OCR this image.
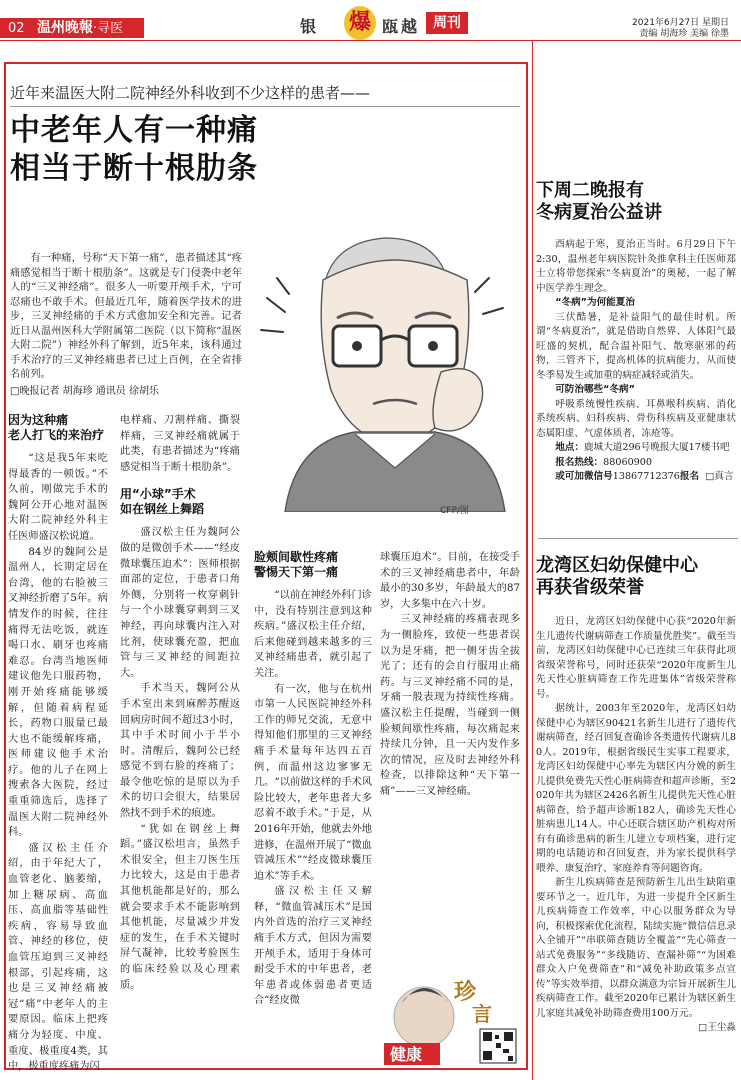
02 温州晚報·寻医	银 爆 瓯越 周刊	2021年6月27日 星期日
责编 胡海珍 美编 徐墨
近年来温医大附二院神经外科收到不少这样的患者——
中老年人有一种痛
相当于断十根肋条
有一种痛，号称“天下第一痛”，患者描述其“疼痛感觉相当于断十根肋条”。这就是专门侵袭中老年人的“三叉神经痛”。很多人一听要开颅手术，宁可忍痛也不敢手术。但最近几年，随着医学技术的进步，三叉神经痛的手术方式愈加安全和完善。记者近日从温州医科大学附属第二医院（以下简称“温医大附二院”）神经外科了解到，近5年来，该科通过手术治疗的三叉神经痛患者已过上百例，在全省排名前列。
□晚报记者 胡海珍 通讯员 徐胡乐
CFP/图
因为这种痛
老人打飞的来治疗

“这是我5年来吃得最香的一顿饭。”不久前，刚做完手术的魏阿公开心地对温医大附二院神经外科主任医师盛汉松说道。

84岁的魏阿公是温州人，长期定居在台湾，他的右脸被三叉神经折磨了5年。病情发作的时候，往往痛得无法吃饭，就连喝口水、刷牙也疼痛难忍。台湾当地医师建议他先口服药物，刚开始疼痛能够缓解，但随着病程延长，药物口服量已最大也不能缓解疼痛，医师建议他手术治疗。他的儿子在网上搜索各大医院，经过重重筛选后，选择了温医大附二院神经外科。

盛汉松主任介绍，由于年纪大了，血管老化、脑萎缩，加上糖尿病、高血压、高血脂等基础性疾病，容易导致血管、神经的移位，使血管压迫到三叉神经根部，引起疼痛，这也是三叉神经痛被冠“痛”中老年人的主要原因。临床上把疼痛分为轻度、中度、重度、极重度4类，其中，极重度疼痛为闪

电样痛、刀割样痛、撕裂样痛，三叉神经痛就属于此类，有患者描述为“疼痛感觉相当于断十根肋条”。

用“小球”手术
如在钢丝上舞蹈

盛汉松主任为魏阿公做的是微创手术——“经皮微球囊压迫术”：医师根据面部的定位，于患者口角外侧，分别将一枚穿刺针与一个小球囊穿刺到三叉神经，再向球囊内注入对比剂，使球囊充盈，把血管与三叉神经的间距拉大。

手术当天，魏阿公从手术室出来到麻醉苏醒返回病房时间不超过3小时，其中手术时间小于半小时。清醒后，魏阿公已经感觉不到右脸的疼痛了；最令他吃惊的是原以为手术的切口会很大，结果居然找不到手术的痕迹。

“犹如在钢丝上舞蹈。”盛汉松坦言，虽然手术很安全，但主刀医生压力比较大，这是由于患者其他机能都是好的，那么就会要求手术不能影响到其他机能，尽量减少并发症的发生，在手术关键时屏气凝神，比较考验医生的临床经验以及心理素质。

脸颊间歇性疼痛
警惕天下第一痛

“以前在神经外科门诊中，没有特别注意到这种疾病。”盛汉松主任介绍，后来他碰到越来越多的三叉神经痛患者，就引起了关注。

有一次，他与在杭州市第一人民医院神经外科工作的师兄交流，无意中得知他们那里的三叉神经痛手术量每年达四五百例，而温州这边寥寥无几。“以前做这样的手术风险比较大，老年患者大多忍着不敢手术。”于是，从2016年开始，他就去外地进修，在温州开展了“微血管减压术”“经皮微球囊压迫术”等手术。

盛汉松主任又解释，“微血管减压术”是国内外首选的治疗三叉神经痛手术方式，但因为需要开颅手术，适用于身体可耐受手术的中年患者，老年患者或体弱患者更适合“经皮微

球囊压迫术”。目前，在接受手术的三叉神经痛患者中，年龄最小的30多岁，年龄最大的87岁，大多集中在六十岁。

三叉神经痛的疼痛表现多为一侧脸疼，致使一些患者误以为是牙痛，把一侧牙齿全拔光了；还有的会自行服用止痛药。与三叉神经痛不同的是，牙痛一般表现为持续性疼痛。盛汉松主任提醒，当碰到一侧脸颊间歇性疼痛，每次痛起来持续几分钟，且一天内发作多次的情况，应及时去神经外科检查，以排除这种“天下第一痛”——三叉神经痛。

健康
珍
言
下周二晚报有
冬病夏治公益讲
酉病起于寒，夏治正当时。6月29日下午2:30，温州老年病医院针灸推拿科主任医师郑士立将带您探索“冬病夏治”的奥秘，一起了解中医学养生理念。
“冬病”为何能夏治
三伏酷暑，是补益阳气的最佳时机。所谓“冬病夏治”，就是借助自然界、人体阳气最旺盛的契机，配合温补阳气、散寒驱邪的药物，三管齐下，提高机体的抗病能力，从而使冬季易发生或加重的病症减轻或消失。
可防治哪些“冬病”
呼吸系统慢性疾病、耳鼻喉科疾病、消化系统疾病、妇科疾病、骨伤科疾病及亚健康状态属阳虚、气虚体质者，冻疮等。
地点：鹿城大道296号晚报大厦17楼书吧
报名热线：88060900
或可加微信号13867712376报名 □真言
龙湾区妇幼保健中心
再获省级荣誉
近日，龙湾区妇幼保健中心获“2020年新生儿遗传代谢病筛查工作质量优胜奖”。截至当前，龙湾区妇幼保健中心已连续三年获得此项省级荣誉称号，同时还获荣“2020年度新生儿先天性心脏病筛查工作先进集体”省级荣誉称号。
据统计，2003年至2020年，龙湾区妇幼保健中心为辖区90421名新生儿进行了遗传代谢病筛查，经召回复查确诊各类遗传代谢病儿80人。2019年，根据省级民生实事工程要求，龙湾区妇幼保健中心率先为辖区内分娩的新生儿提供免费先天性心脏病筛查和超声诊断，至2020年共为辖区2426名新生儿提供先天性心脏病筛查，给予超声诊断182人，确诊先天性心脏病患儿14人。中心还联合辖区助产机构对所有有确诊患病的新生儿建立专项档案，进行定期的电话随访和召回复查，并为家长提供科学喂养、康复治疗、家庭养育等问题咨询。
新生儿疾病筛查是预防新生儿出生缺陷重要环节之一。近几年，为进一步提升全区新生儿疾病筛查工作效率，中心以服务群众为导向，积极探索优化流程，陆续实施“微信信息录入全铺开”“串联筛查随访全覆盖”“先心筛查一站式免费服务”“多线随访、查漏补筛”“为困难群众入户免费筛查”和“减免补助政策多点宣传”等实效举措，以群众满意为宗旨开展新生儿疾病筛查工作。截至2020年已累计为辖区新生儿家庭共减免补助筛查费用100万元。
□王尘淼
